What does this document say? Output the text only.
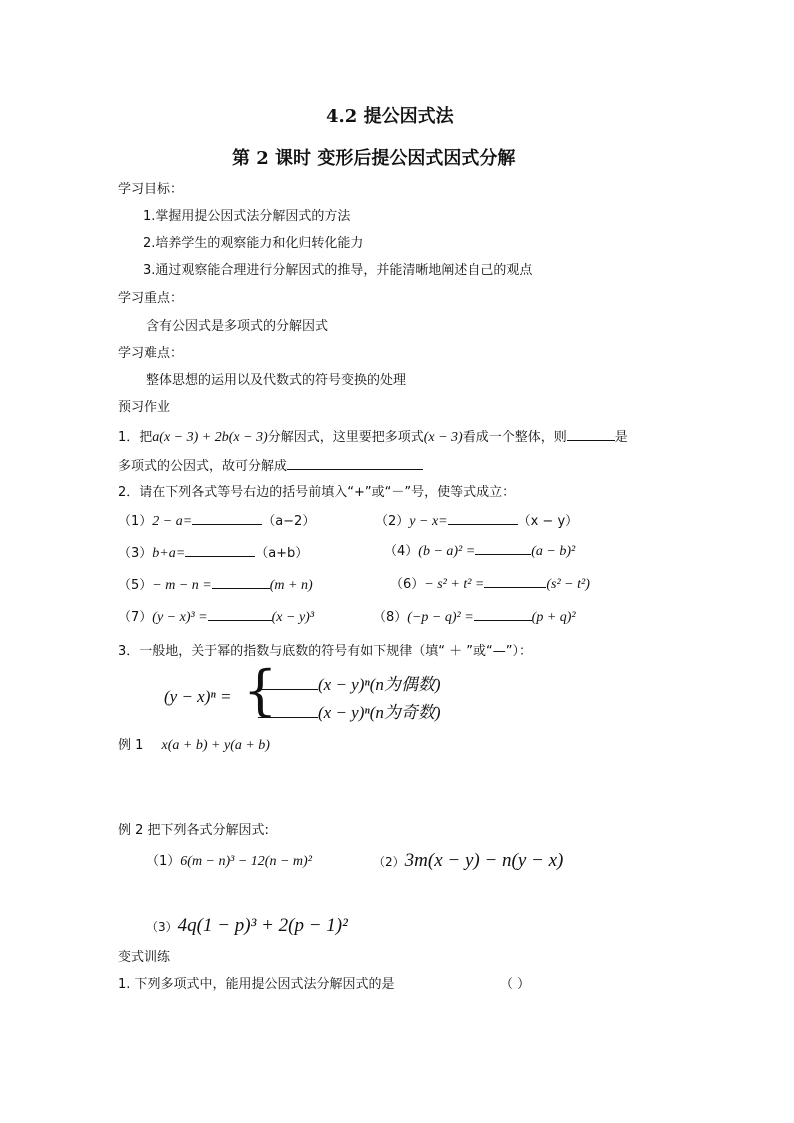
4.2 提公因式法
第 2 课时 变形后提公因式因式分解
学习目标：
1.掌握用提公因式法分解因式的方法
2.培养学生的观察能力和化归转化能力
3.通过观察能合理进行分解因式的推导，并能清晰地阐述自己的观点
学习重点：
含有公因式是多项式的分解因式
学习难点：
整体思想的运用以及代数式的符号变换的处理
预习作业
1．把a(x − 3) + 2b(x − 3)分解因式，这里要把多项式(x − 3)看成一个整体，则	是
多项式的公因式，故可分解成
2．请在下列各式等号右边的括号前填入“+”或“－”号，使等式成立：
（1）2 − a=	（a−2）	（2）y − x=	（x − y）
（3）b+a=	（a+b）	（4）(b − a)² =	(a − b)²
（5）− m − n =	(m + n)	（6）− s² + t² =	(s² − t²)
（7）(y − x)³ =	(x − y)³	（8）(−p − q)² =	(p + q)²
3．一般地，关于幂的指数与底数的符号有如下规律（填“ ＋ ”或“—”）：
(y − x)ⁿ = {	(x − y)ⁿ(n为偶数)
(x − y)ⁿ(n为奇数)
例 1 x(a + b) + y(a + b)
例 2 把下列各式分解因式:
（1）6(m − n)³ − 12(n − m)²	（2）3m(x − y) − n(y − x)
（3）4q(1 − p)³ + 2(p − 1)²
变式训练
1. 下列多项式中，能用提公因式法分解因式的是	（ ）
